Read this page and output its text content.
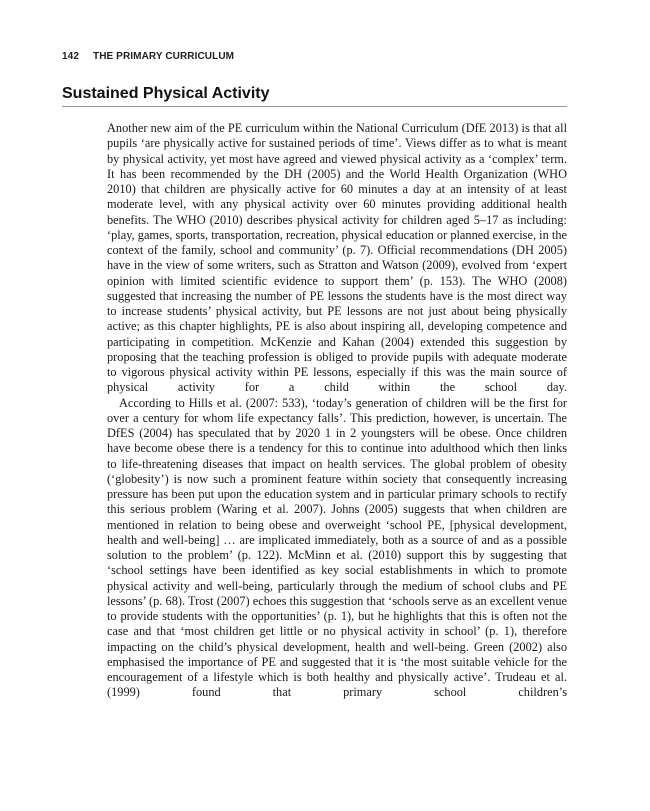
142 THE PRIMARY CURRICULUM
Sustained Physical Activity

Another new aim of the PE curriculum within the National Curriculum (DfE 2013) is that all pupils ‘are physically active for sustained periods of time’. Views differ as to what is meant by physical activity, yet most have agreed and viewed physical activity as a ‘complex’ term. It has been recommended by the DH (2005) and the World Health Organization (WHO 2010) that children are physically active for 60 minutes a day at an intensity of at least moderate level, with any physical activity over 60 minutes providing additional health benefits. The WHO (2010) describes physical activity for children aged 5–17 as including: ‘play, games, sports, transportation, recreation, physical education or planned exercise, in the context of the family, school and community’ (p. 7). Official recommendations (DH 2005) have in the view of some writers, such as Stratton and Watson (2009), evolved from ‘expert opinion with limited scientific evidence to support them’ (p. 153). The WHO (2008) suggested that increasing the number of PE lessons the students have is the most direct way to increase students’ physical activity, but PE lessons are not just about being physically active; as this chapter highlights, PE is also about inspiring all, developing competence and participating in competition. McKenzie and Kahan (2004) extended this suggestion by proposing that the teaching profession is obliged to provide pupils with adequate moderate to vigorous physical activity within PE lessons, especially if this was the main source of physical activity for a child within the school day.

According to Hills et al. (2007: 533), ‘today’s generation of children will be the first for over a century for whom life expectancy falls’. This prediction, however, is uncertain. The DfES (2004) has speculated that by 2020 1 in 2 youngsters will be obese. Once children have become obese there is a tendency for this to continue into adulthood which then links to life-threatening diseases that impact on health services. The global problem of obesity (‘globesity’) is now such a prominent feature within society that consequently increasing pressure has been put upon the education system and in particular primary schools to rectify this serious problem (Waring et al. 2007). Johns (2005) suggests that when children are mentioned in relation to being obese and overweight ‘school PE, [physical development, health and well-being] … are implicated immediately, both as a source of and as a possible solution to the problem’ (p. 122). McMinn et al. (2010) support this by suggesting that ‘school settings have been identified as key social establishments in which to promote physical activity and well-being, particularly through the medium of school clubs and PE lessons’ (p. 68). Trost (2007) echoes this suggestion that ‘schools serve as an excellent venue to provide students with the opportunities’ (p. 1), but he highlights that this is often not the case and that ‘most children get little or no physical activity in school’ (p. 1), therefore impacting on the child’s physical development, health and well-being. Green (2002) also emphasised the importance of PE and suggested that it is ‘the most suitable vehicle for the encouragement of a lifestyle which is both healthy and physically active’. Trudeau et al. (1999) found that primary school children’s
